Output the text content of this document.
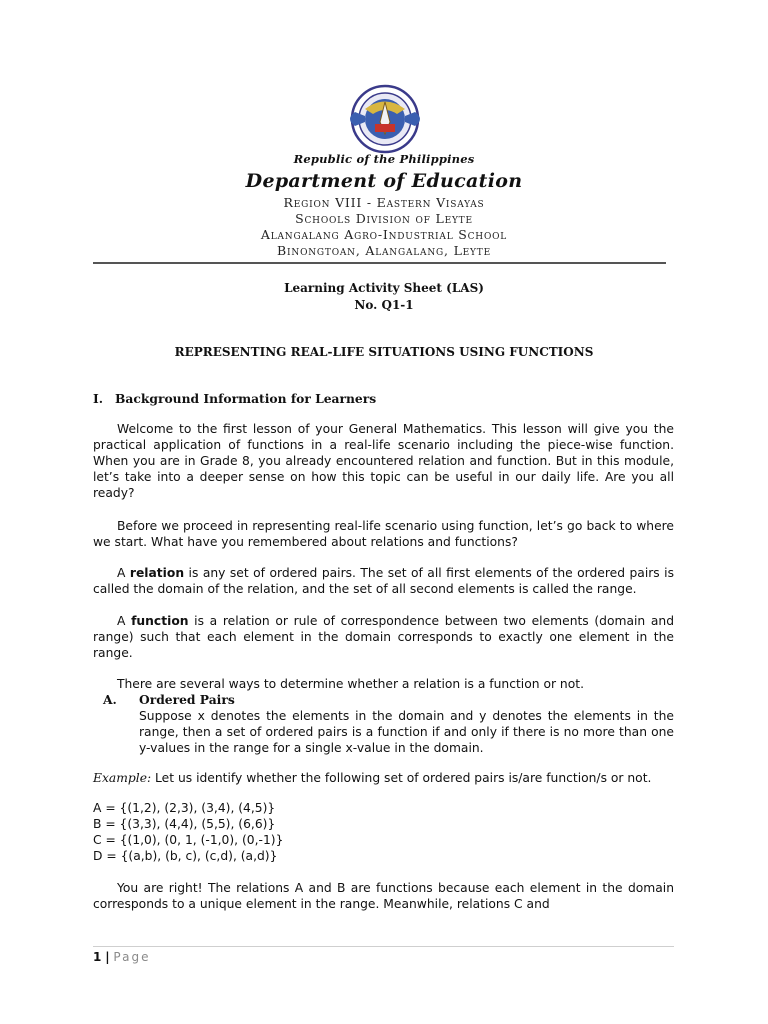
Republic of the Philippines
Department of Education
Region VIII - Eastern Visayas
Schools Division of Leyte
Alangalang Agro-Industrial School
Binongtoan, Alangalang, Leyte
Learning Activity Sheet (LAS)
No. Q1-1
REPRESENTING REAL-LIFE SITUATIONS USING FUNCTIONS
I. Background Information for Learners

Welcome to the first lesson of your General Mathematics. This lesson will give you the practical application of functions in a real-life scenario including the piece-wise function. When you are in Grade 8, you already encountered relation and function. But in this module, let’s take into a deeper sense on how this topic can be useful in our daily life. Are you all ready?

Before we proceed in representing real-life scenario using function, let’s go back to where we start. What have you remembered about relations and functions?

A relation is any set of ordered pairs. The set of all first elements of the ordered pairs is called the domain of the relation, and the set of all second elements is called the range.

A function is a relation or rule of correspondence between two elements (domain and range) such that each element in the domain corresponds to exactly one element in the range.

There are several ways to determine whether a relation is a function or not.

A. Ordered Pairs

Suppose x denotes the elements in the domain and y denotes the elements in the range, then a set of ordered pairs is a function if and only if there is no more than one y-values in the range for a single x-value in the domain.

Example: Let us identify whether the following set of ordered pairs is/are function/s or not.

A = {(1,2), (2,3), (3,4), (4,5)}
B = {(3,3), (4,4), (5,5), (6,6)}
C = {(1,0), (0, 1, (-1,0), (0,-1)}
D = {(a,b), (b, c), (c,d), (a,d)}

You are right! The relations A and B are functions because each element in the domain corresponds to a unique element in the range. Meanwhile, relations C and

1 | Page
